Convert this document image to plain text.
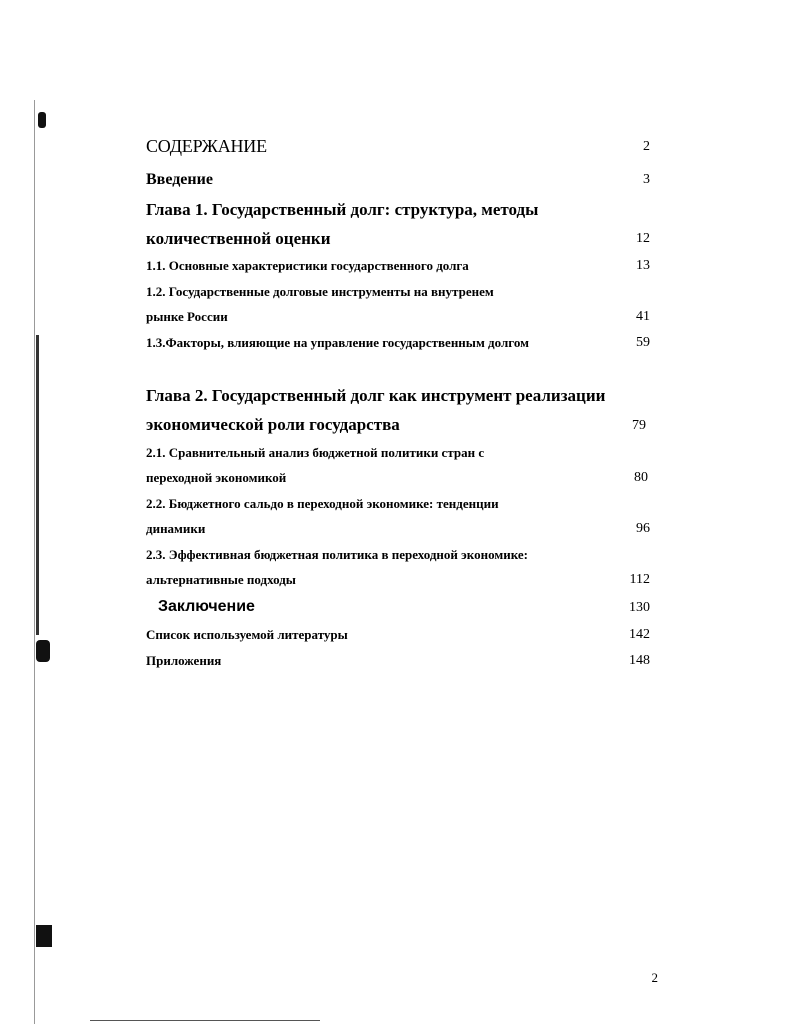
СОДЕРЖАНИЕ	2
Введение	3
Глава 1. Государственный долг: структура, методы
количественной оценки	12
1.1. Основные характеристики государственного долга	13
1.2. Государственные долговые инструменты на внутренем
рынке России	41
1.3.Факторы, влияющие на управление государственным долгом	59
Глава 2. Государственный долг как инструмент реализации
экономической роли государства	79
2.1. Сравнительный анализ бюджетной политики стран с
переходной экономикой	80
2.2. Бюджетного сальдо в переходной экономике: тенденции
динамики	96
2.3. Эффективная бюджетная политика в переходной экономике:
альтернативные подходы	112
Заключение	130
Список используемой литературы	142
Приложения	148
2
